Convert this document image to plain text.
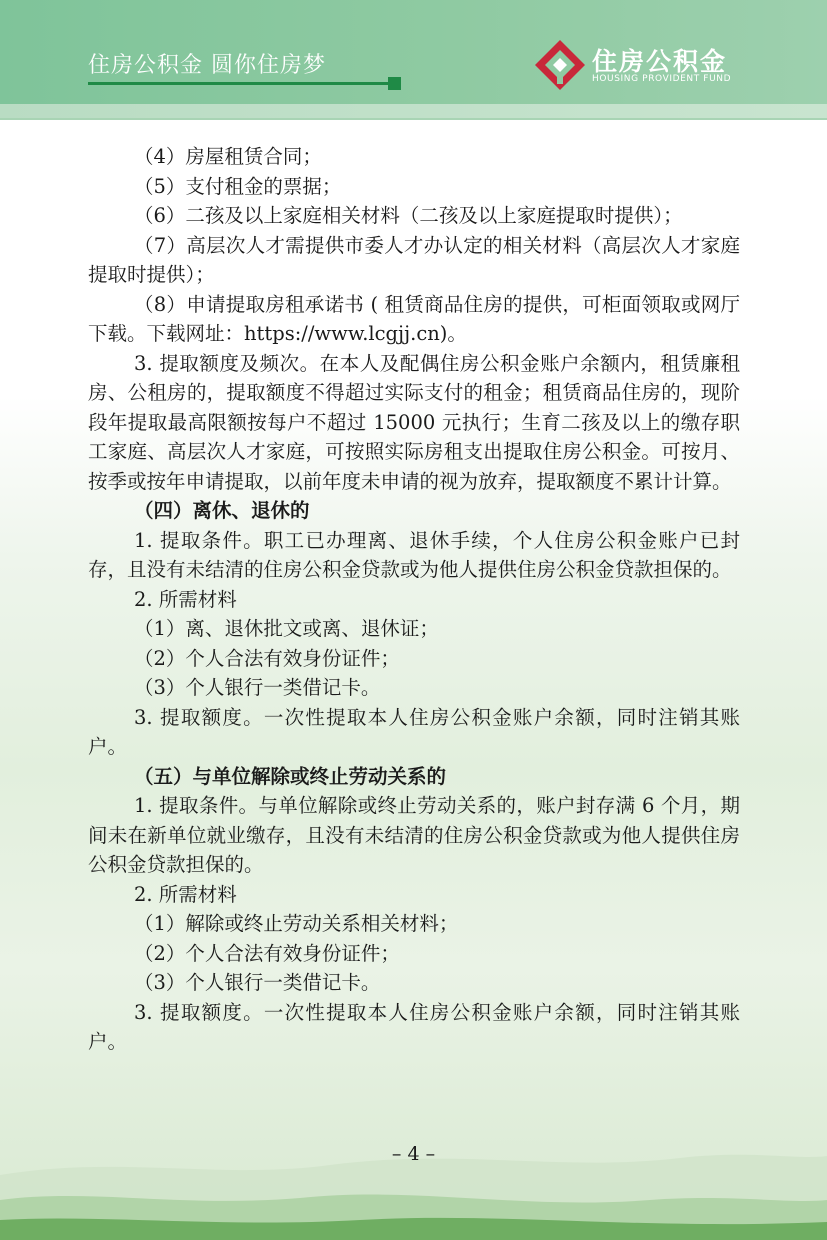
住房公积金 圆你住房梦	住房公积金
HOUSING PROVIDENT FUND

（4）房屋租赁合同；

（5）支付租金的票据；

（6）二孩及以上家庭相关材料（二孩及以上家庭提取时提供）；

（7）高层次人才需提供市委人才办认定的相关材料（高层次人才家庭提取时提供）；

（8）申请提取房租承诺书 ( 租赁商品住房的提供，可柜面领取或网厅下载。下载网址：https://www.lcgjj.cn)。

3. 提取额度及频次。在本人及配偶住房公积金账户余额内，租赁廉租房、公租房的，提取额度不得超过实际支付的租金；租赁商品住房的，现阶段年提取最高限额按每户不超过 15000 元执行；生育二孩及以上的缴存职工家庭、高层次人才家庭，可按照实际房租支出提取住房公积金。可按月、按季或按年申请提取，以前年度未申请的视为放弃，提取额度不累计计算。

（四）离休、退休的

1. 提取条件。职工已办理离、退休手续，个人住房公积金账户已封存，且没有未结清的住房公积金贷款或为他人提供住房公积金贷款担保的。

2. 所需材料

（1）离、退休批文或离、退休证；

（2）个人合法有效身份证件；

（3）个人银行一类借记卡。

3. 提取额度。一次性提取本人住房公积金账户余额，同时注销其账户。

（五）与单位解除或终止劳动关系的

1. 提取条件。与单位解除或终止劳动关系的，账户封存满 6 个月，期间未在新单位就业缴存，且没有未结清的住房公积金贷款或为他人提供住房公积金贷款担保的。

2. 所需材料

（1）解除或终止劳动关系相关材料；

（2）个人合法有效身份证件；

（3）个人银行一类借记卡。

3. 提取额度。一次性提取本人住房公积金账户余额，同时注销其账户。

– 4 –
